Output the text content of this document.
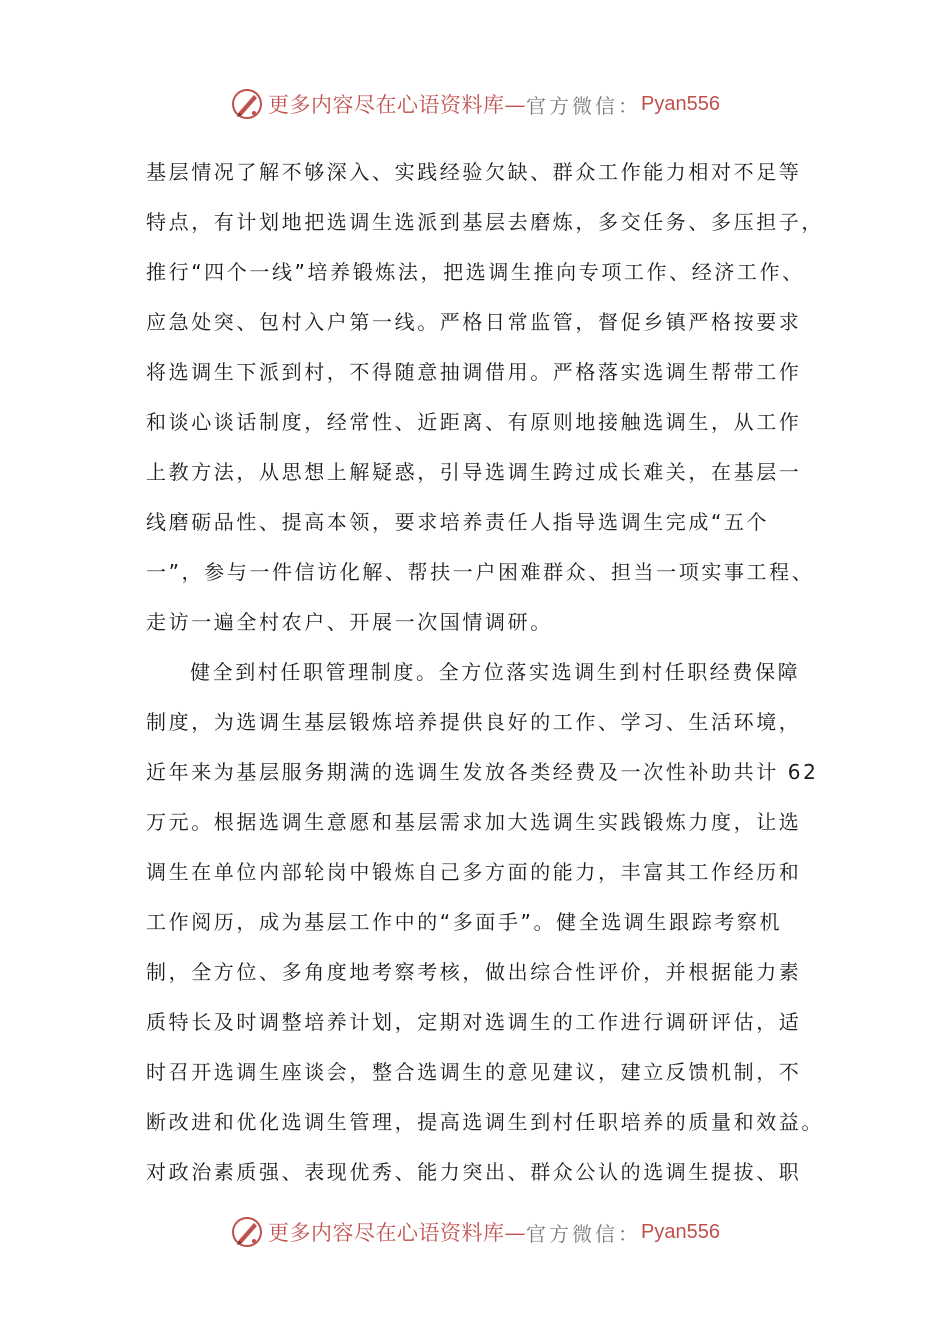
更多内容尽在心语资料库— 官方微信： Pyan556
基层情况了解不够深入、实践经验欠缺、群众工作能力相对不足等
特点，有计划地把选调生选派到基层去磨炼，多交任务、多压担子，
推行“四个一线”培养锻炼法，把选调生推向专项工作、经济工作、
应急处突、包村入户第一线。严格日常监管，督促乡镇严格按要求
将选调生下派到村，不得随意抽调借用。严格落实选调生帮带工作
和谈心谈话制度，经常性、近距离、有原则地接触选调生，从工作
上教方法，从思想上解疑惑，引导选调生跨过成长难关，在基层一
线磨砺品性、提高本领，要求培养责任人指导选调生完成“五个
一”，参与一件信访化解、帮扶一户困难群众、担当一项实事工程、
走访一遍全村农户、开展一次国情调研。
健全到村任职管理制度。全方位落实选调生到村任职经费保障
制度，为选调生基层锻炼培养提供良好的工作、学习、生活环境，
近年来为基层服务期满的选调生发放各类经费及一次性补助共计 62
万元。根据选调生意愿和基层需求加大选调生实践锻炼力度，让选
调生在单位内部轮岗中锻炼自己多方面的能力，丰富其工作经历和
工作阅历，成为基层工作中的“多面手”。健全选调生跟踪考察机
制，全方位、多角度地考察考核，做出综合性评价，并根据能力素
质特长及时调整培养计划，定期对选调生的工作进行调研评估，适
时召开选调生座谈会，整合选调生的意见建议，建立反馈机制，不
断改进和优化选调生管理，提高选调生到村任职培养的质量和效益。
对政治素质强、表现优秀、能力突出、群众公认的选调生提拔、职
更多内容尽在心语资料库— 官方微信： Pyan556
